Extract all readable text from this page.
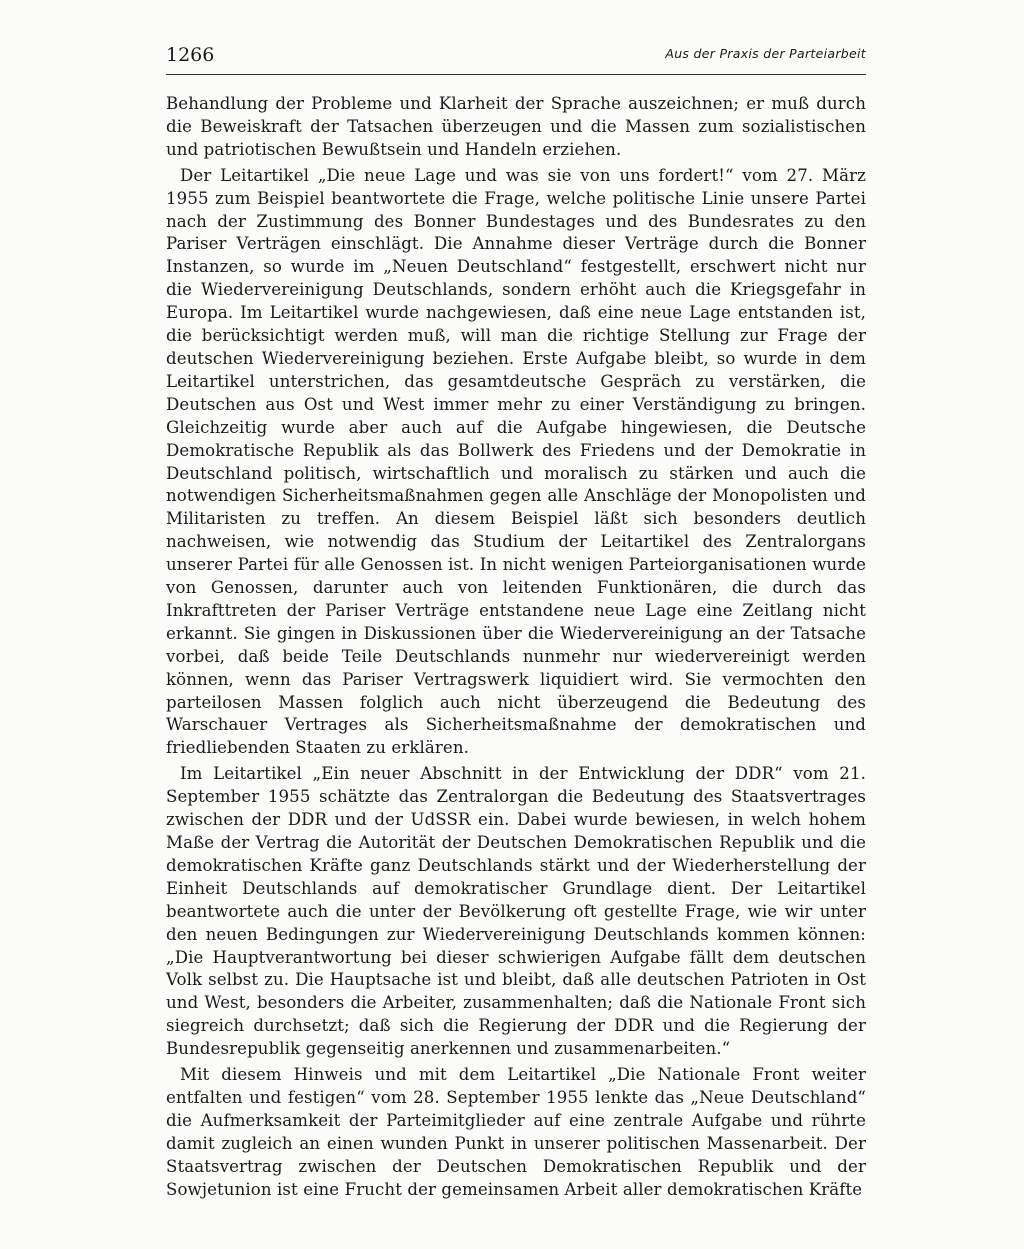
1266	Aus der Praxis der Parteiarbeit

Behandlung der Probleme und Klarheit der Sprache auszeichnen; er muß durch die Beweiskraft der Tatsachen überzeugen und die Massen zum sozialistischen und patriotischen Bewußtsein und Handeln erziehen.

Der Leitartikel „Die neue Lage und was sie von uns fordert!“ vom 27. März 1955 zum Beispiel beantwortete die Frage, welche politische Linie unsere Partei nach der Zustimmung des Bonner Bundestages und des Bundesrates zu den Pariser Verträgen einschlägt. Die Annahme dieser Verträge durch die Bonner Instanzen, so wurde im „Neuen Deutschland“ festgestellt, erschwert nicht nur die Wiedervereinigung Deutschlands, sondern erhöht auch die Kriegsgefahr in Europa. Im Leitartikel wurde nachgewiesen, daß eine neue Lage entstanden ist, die berücksichtigt werden muß, will man die richtige Stellung zur Frage der deutschen Wiedervereinigung beziehen. Erste Aufgabe bleibt, so wurde in dem Leitartikel unterstrichen, das gesamtdeutsche Gespräch zu verstärken, die Deutschen aus Ost und West immer mehr zu einer Verständigung zu bringen. Gleichzeitig wurde aber auch auf die Aufgabe hingewiesen, die Deutsche Demokratische Republik als das Bollwerk des Friedens und der Demokratie in Deutschland politisch, wirtschaftlich und moralisch zu stärken und auch die notwendigen Sicherheitsmaßnahmen gegen alle Anschläge der Monopolisten und Militaristen zu treffen. An diesem Beispiel läßt sich besonders deutlich nachweisen, wie notwendig das Studium der Leitartikel des Zentralorgans unserer Partei für alle Genossen ist. In nicht wenigen Parteiorganisationen wurde von Genossen, darunter auch von leitenden Funktionären, die durch das Inkrafttreten der Pariser Verträge entstandene neue Lage eine Zeitlang nicht erkannt. Sie gingen in Diskussionen über die Wiedervereinigung an der Tatsache vorbei, daß beide Teile Deutschlands nunmehr nur wiedervereinigt werden können, wenn das Pariser Vertragswerk liquidiert wird. Sie vermochten den parteilosen Massen folglich auch nicht überzeugend die Bedeutung des Warschauer Vertrages als Sicherheitsmaßnahme der demokratischen und friedliebenden Staaten zu erklären.

Im Leitartikel „Ein neuer Abschnitt in der Entwicklung der DDR“ vom 21. September 1955 schätzte das Zentralorgan die Bedeutung des Staatsvertrages zwischen der DDR und der UdSSR ein. Dabei wurde bewiesen, in welch hohem Maße der Vertrag die Autorität der Deutschen Demokratischen Republik und die demokratischen Kräfte ganz Deutschlands stärkt und der Wiederherstellung der Einheit Deutschlands auf demokratischer Grundlage dient. Der Leitartikel beantwortete auch die unter der Bevölkerung oft gestellte Frage, wie wir unter den neuen Bedingungen zur Wiedervereinigung Deutschlands kommen können: „Die Hauptverantwortung bei dieser schwierigen Aufgabe fällt dem deutschen Volk selbst zu. Die Hauptsache ist und bleibt, daß alle deutschen Patrioten in Ost und West, besonders die Arbeiter, zusammenhalten; daß die Nationale Front sich siegreich durchsetzt; daß sich die Regierung der DDR und die Regierung der Bundesrepublik gegenseitig anerkennen und zusammenarbeiten.“

Mit diesem Hinweis und mit dem Leitartikel „Die Nationale Front weiter entfalten und festigen“ vom 28. September 1955 lenkte das „Neue Deutschland“ die Aufmerksamkeit der Parteimitglieder auf eine zentrale Aufgabe und rührte damit zugleich an einen wunden Punkt in unserer politischen Massenarbeit. Der Staatsvertrag zwischen der Deutschen Demokratischen Republik und der Sowjetunion ist eine Frucht der gemeinsamen Arbeit aller demokratischen Kräfte
